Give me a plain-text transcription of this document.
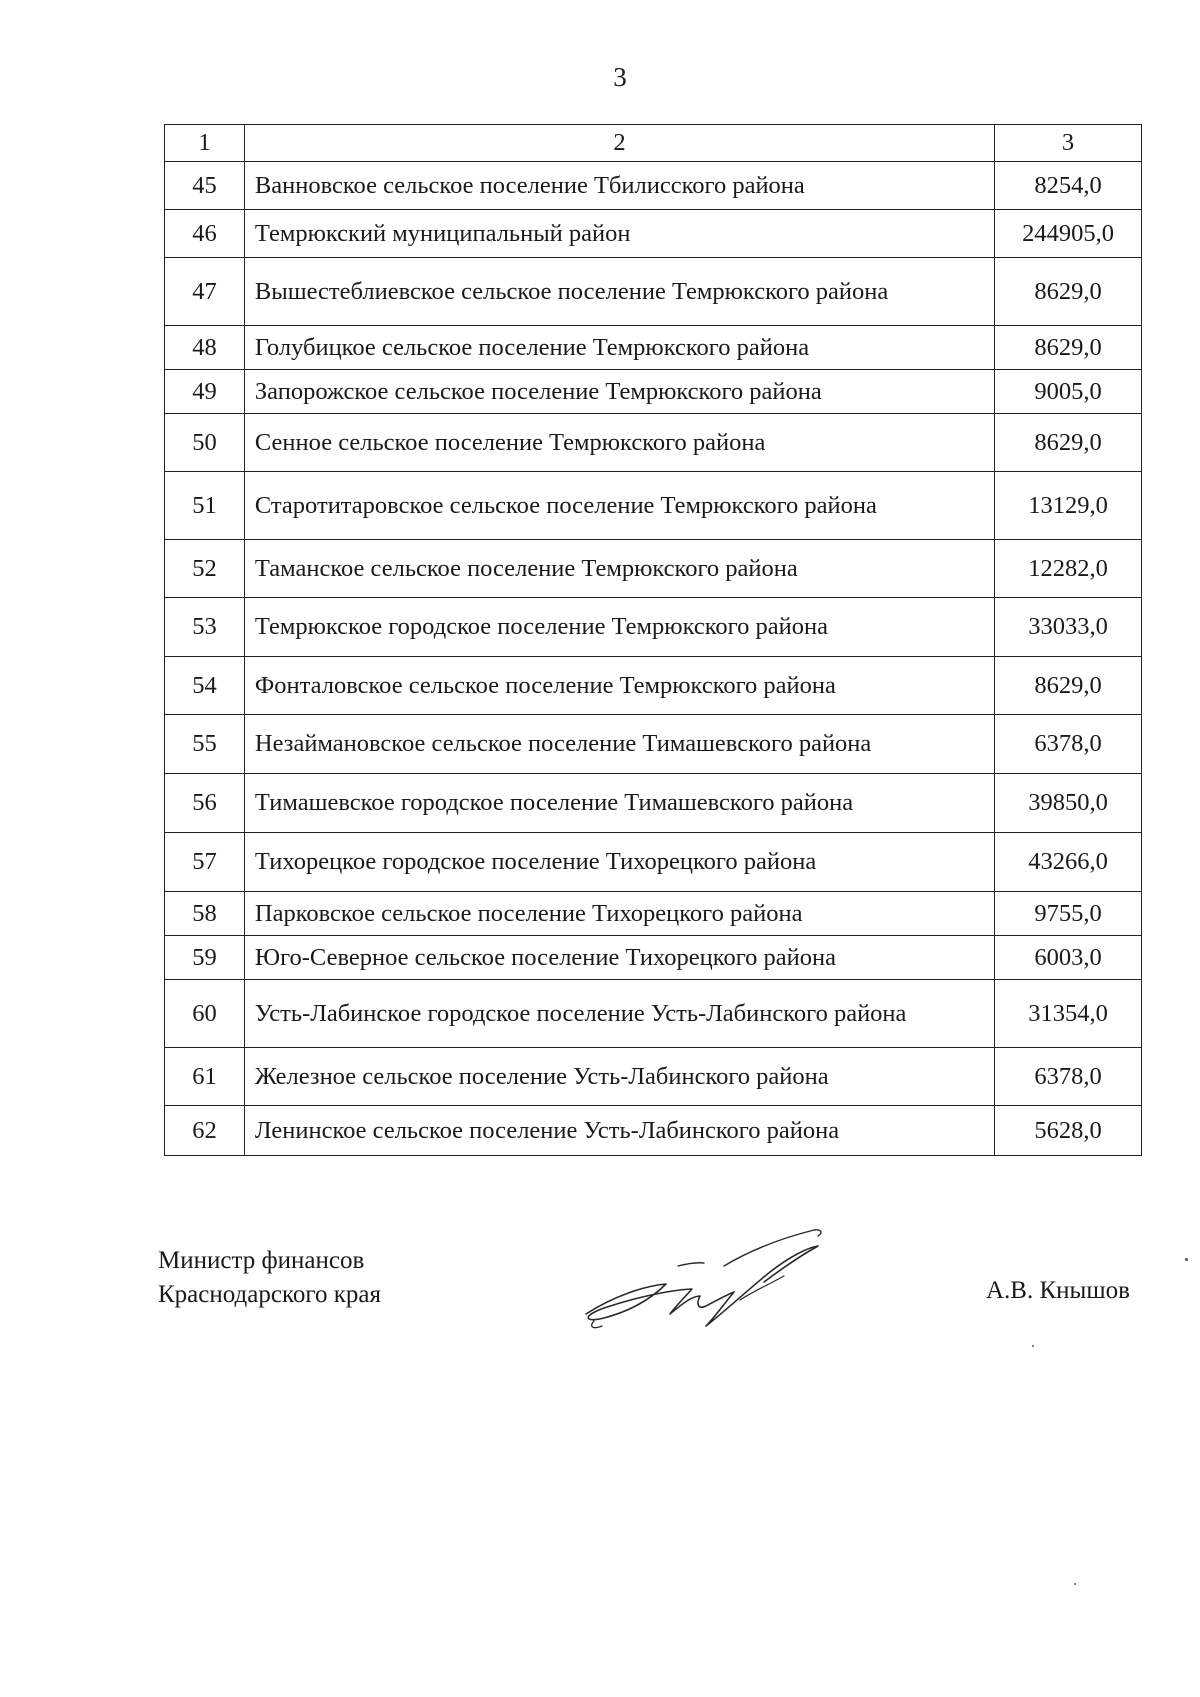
3
1	2	3
45	Ванновское сельское поселение Тбилисского района	8254,0
46	Темрюкский муниципальный район	244905,0
47	Вышестеблиевское сельское поселение Темрюкского района	8629,0
48	Голубицкое сельское поселение Темрюкского района	8629,0
49	Запорожское сельское поселение Темрюкского района	9005,0
50	Сенное сельское поселение Темрюкского района	8629,0
51	Старотитаровское сельское поселение Темрюкского района	13129,0
52	Таманское сельское поселение Темрюкского района	12282,0
53	Темрюкское городское поселение Темрюкского района	33033,0
54	Фонталовское сельское поселение Темрюкского района	8629,0
55	Незаймановское сельское поселение Тимашевского района	6378,0
56	Тимашевское городское поселение Тимашевского района	39850,0
57	Тихорецкое городское поселение Тихорецкого района	43266,0
58	Парковское сельское поселение Тихорецкого района	9755,0
59	Юго-Северное сельское поселение Тихорецкого района	6003,0
60	Усть-Лабинское городское поселение Усть-Лабинского района	31354,0
61	Железное сельское поселение Усть-Лабинского района	6378,0
62	Ленинское сельское поселение Усть-Лабинского района	5628,0
Министр финансов
Краснодарского края	А.В. Кнышов
